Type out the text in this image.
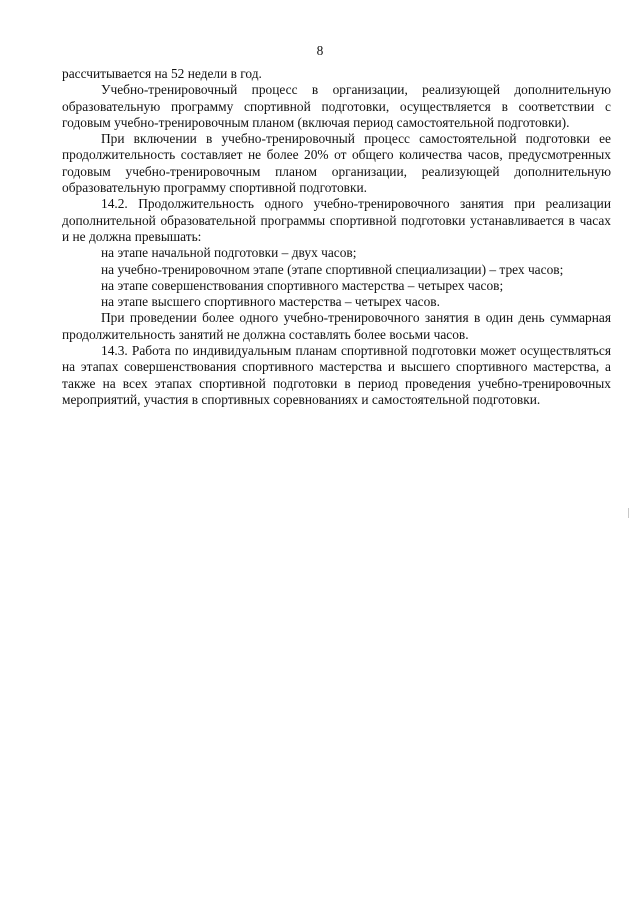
8

рассчитывается на 52 недели в год.

Учебно-тренировочный процесс в организации, реализующей дополнительную образовательную программу спортивной подготовки, осуществляется в соответствии с годовым учебно-тренировочным планом (включая период самостоятельной подготовки).

При включении в учебно-тренировочный процесс самостоятельной подготовки ее продолжительность составляет не более 20% от общего количества часов, предусмотренных годовым учебно-тренировочным планом организации, реализующей дополнительную образовательную программу спортивной подготовки.

14.2. Продолжительность одного учебно-тренировочного занятия при реализации дополнительной образовательной программы спортивной подготовки устанавливается в часах и не должна превышать:

на этапе начальной подготовки – двух часов;

на учебно-тренировочном этапе (этапе спортивной специализации) – трех часов;

на этапе совершенствования спортивного мастерства – четырех часов;

на этапе высшего спортивного мастерства – четырех часов.

При проведении более одного учебно-тренировочного занятия в один день суммарная продолжительность занятий не должна составлять более восьми часов.

14.3. Работа по индивидуальным планам спортивной подготовки может осуществляться на этапах совершенствования спортивного мастерства и высшего спортивного мастерства, а также на всех этапах спортивной подготовки в период проведения учебно-тренировочных мероприятий, участия в спортивных соревнованиях и самостоятельной подготовки.
